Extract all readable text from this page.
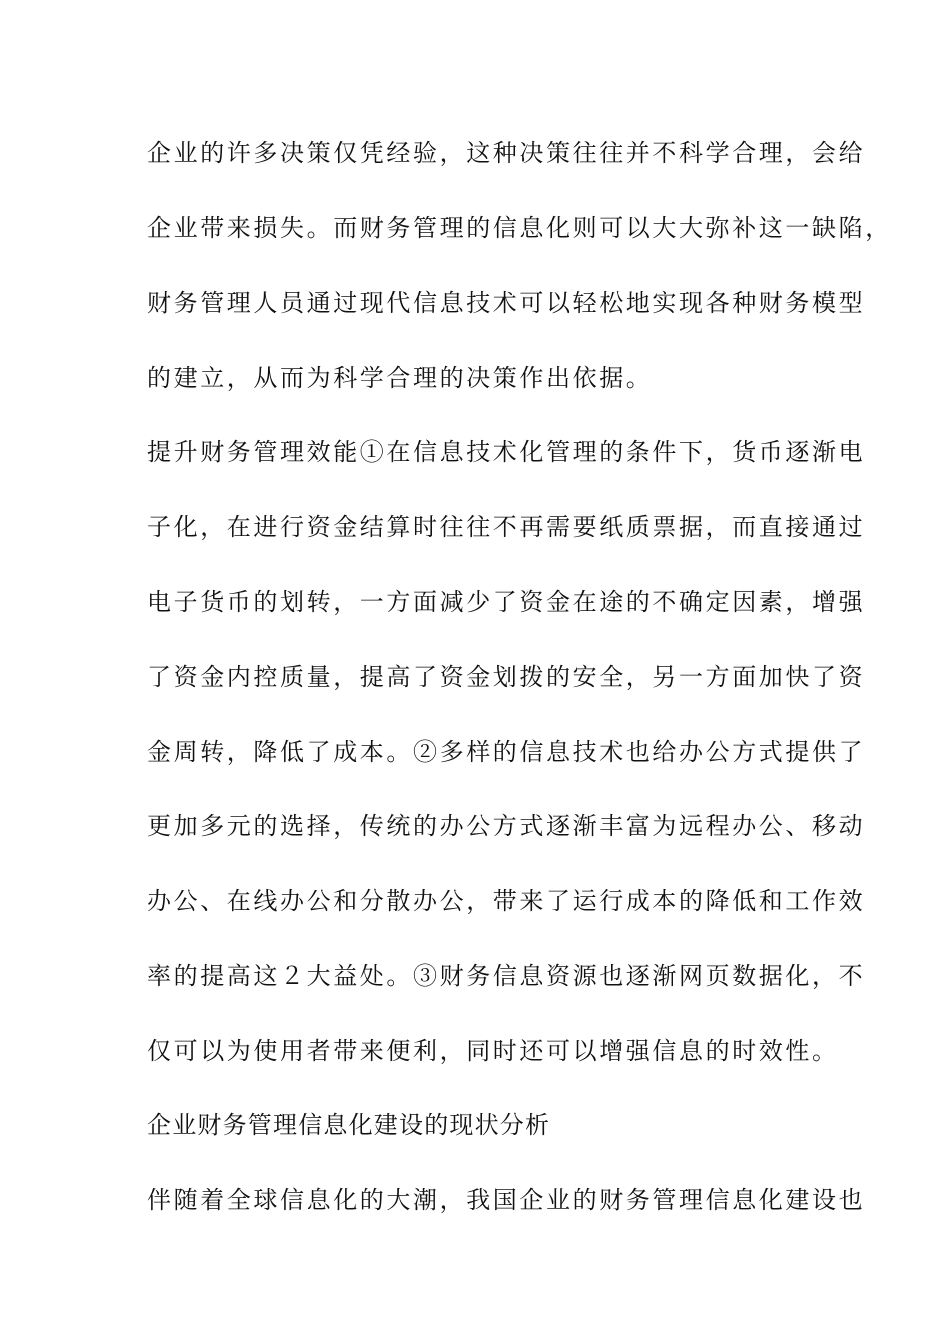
企业的许多决策仅凭经验，这种决策往往并不科学合理，会给
企业带来损失。而财务管理的信息化则可以大大弥补这一缺陷，
财务管理人员通过现代信息技术可以轻松地实现各种财务模型
的建立，从而为科学合理的决策作出依据。
提升财务管理效能①在信息技术化管理的条件下，货币逐渐电
子化，在进行资金结算时往往不再需要纸质票据，而直接通过
电子货币的划转，一方面减少了资金在途的不确定因素，增强
了资金内控质量，提高了资金划拨的安全，另一方面加快了资
金周转，降低了成本。②多样的信息技术也给办公方式提供了
更加多元的选择，传统的办公方式逐渐丰富为远程办公、移动
办公、在线办公和分散办公，带来了运行成本的降低和工作效
率的提高这２大益处。③财务信息资源也逐渐网页数据化，不
仅可以为使用者带来便利，同时还可以增强信息的时效性。
企业财务管理信息化建设的现状分析
伴随着全球信息化的大潮，我国企业的财务管理信息化建设也
